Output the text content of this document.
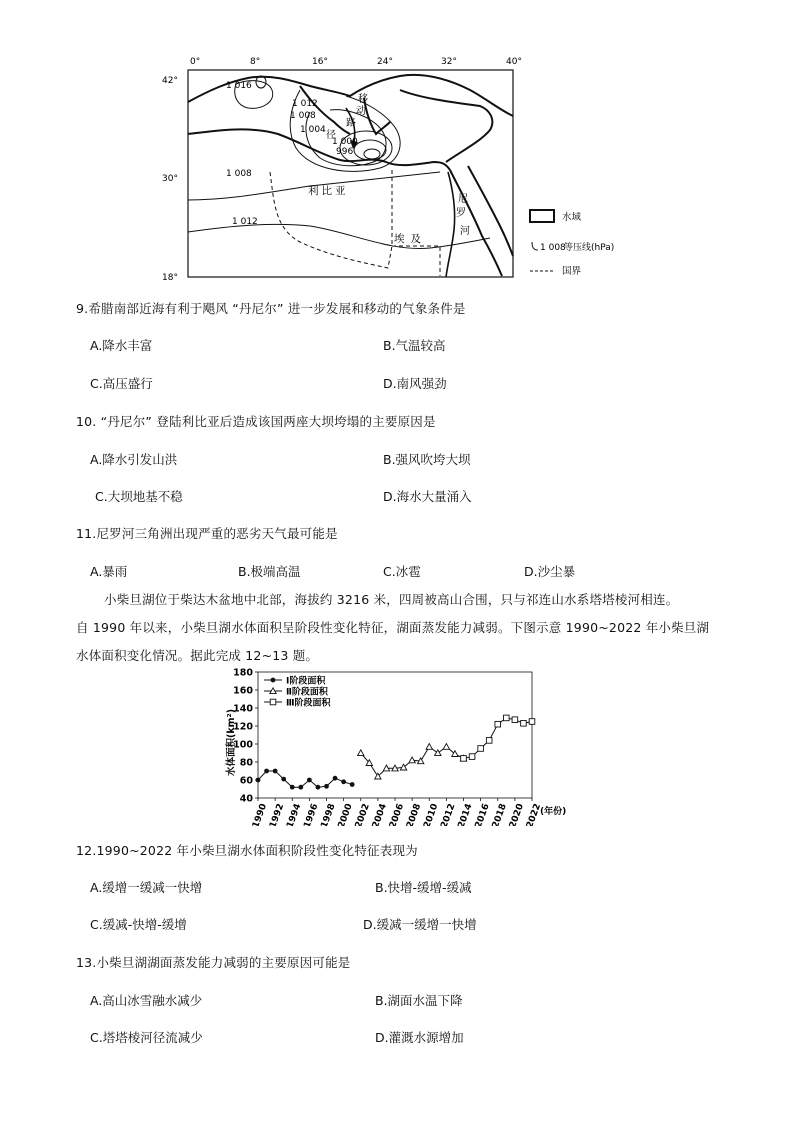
0°	8°	16°	24°	32°	40°
42°
30°
18°
1 016
1 012
1 008
1 004
1 000
996
1 008
1 012
移
动
路
径
利比亚
埃及
尼
罗
河
水域
1 008
等压线(hPa)
国界
9.希腊南部近海有利于飓风 “丹尼尔” 进一步发展和移动的气象条件是
A.降水丰富	B.气温较高
C.高压盛行	D.南风强劲
10. “丹尼尔” 登陆利比亚后造成该国两座大坝垮塌的主要原因是
A.降水引发山洪	B.强风吹垮大坝
C.大坝地基不稳	D.海水大量涌入
11.尼罗河三角洲出现严重的恶劣天气最可能是
A.暴雨	B.极端高温	C.冰雹	D.沙尘暴
小柴旦湖位于柴达木盆地中北部，海拔约 3216 米，四周被高山合围，只与祁连山水系塔塔棱河相连。
自 1990 年以来，小柴旦湖水体面积呈阶段性变化特征，湖面蒸发能力减弱。下图示意 1990~2022 年小柴旦湖
水体面积变化情况。据此完成 12~13 题。
40
60
80
100
120
140
160
180
1990 1992 1994 1996 1998 2000 2002 2004 2006 2008 2010 2012 2014 2016 2018 2020 2022
Ⅰ阶段面积
Ⅱ阶段面积
Ⅲ阶段面积
水体面积(km²)
(年份)
12.1990~2022 年小柴旦湖水体面积阶段性变化特征表现为
A.缓增一缓减一快增	B.快增-缓增-缓减
C.缓减-快增-缓增	D.缓减一缓增一快增
13.小柴旦湖湖面蒸发能力减弱的主要原因可能是
A.高山冰雪融水减少	B.湖面水温下降
C.塔塔棱河径流减少	D.灌溉水源增加
